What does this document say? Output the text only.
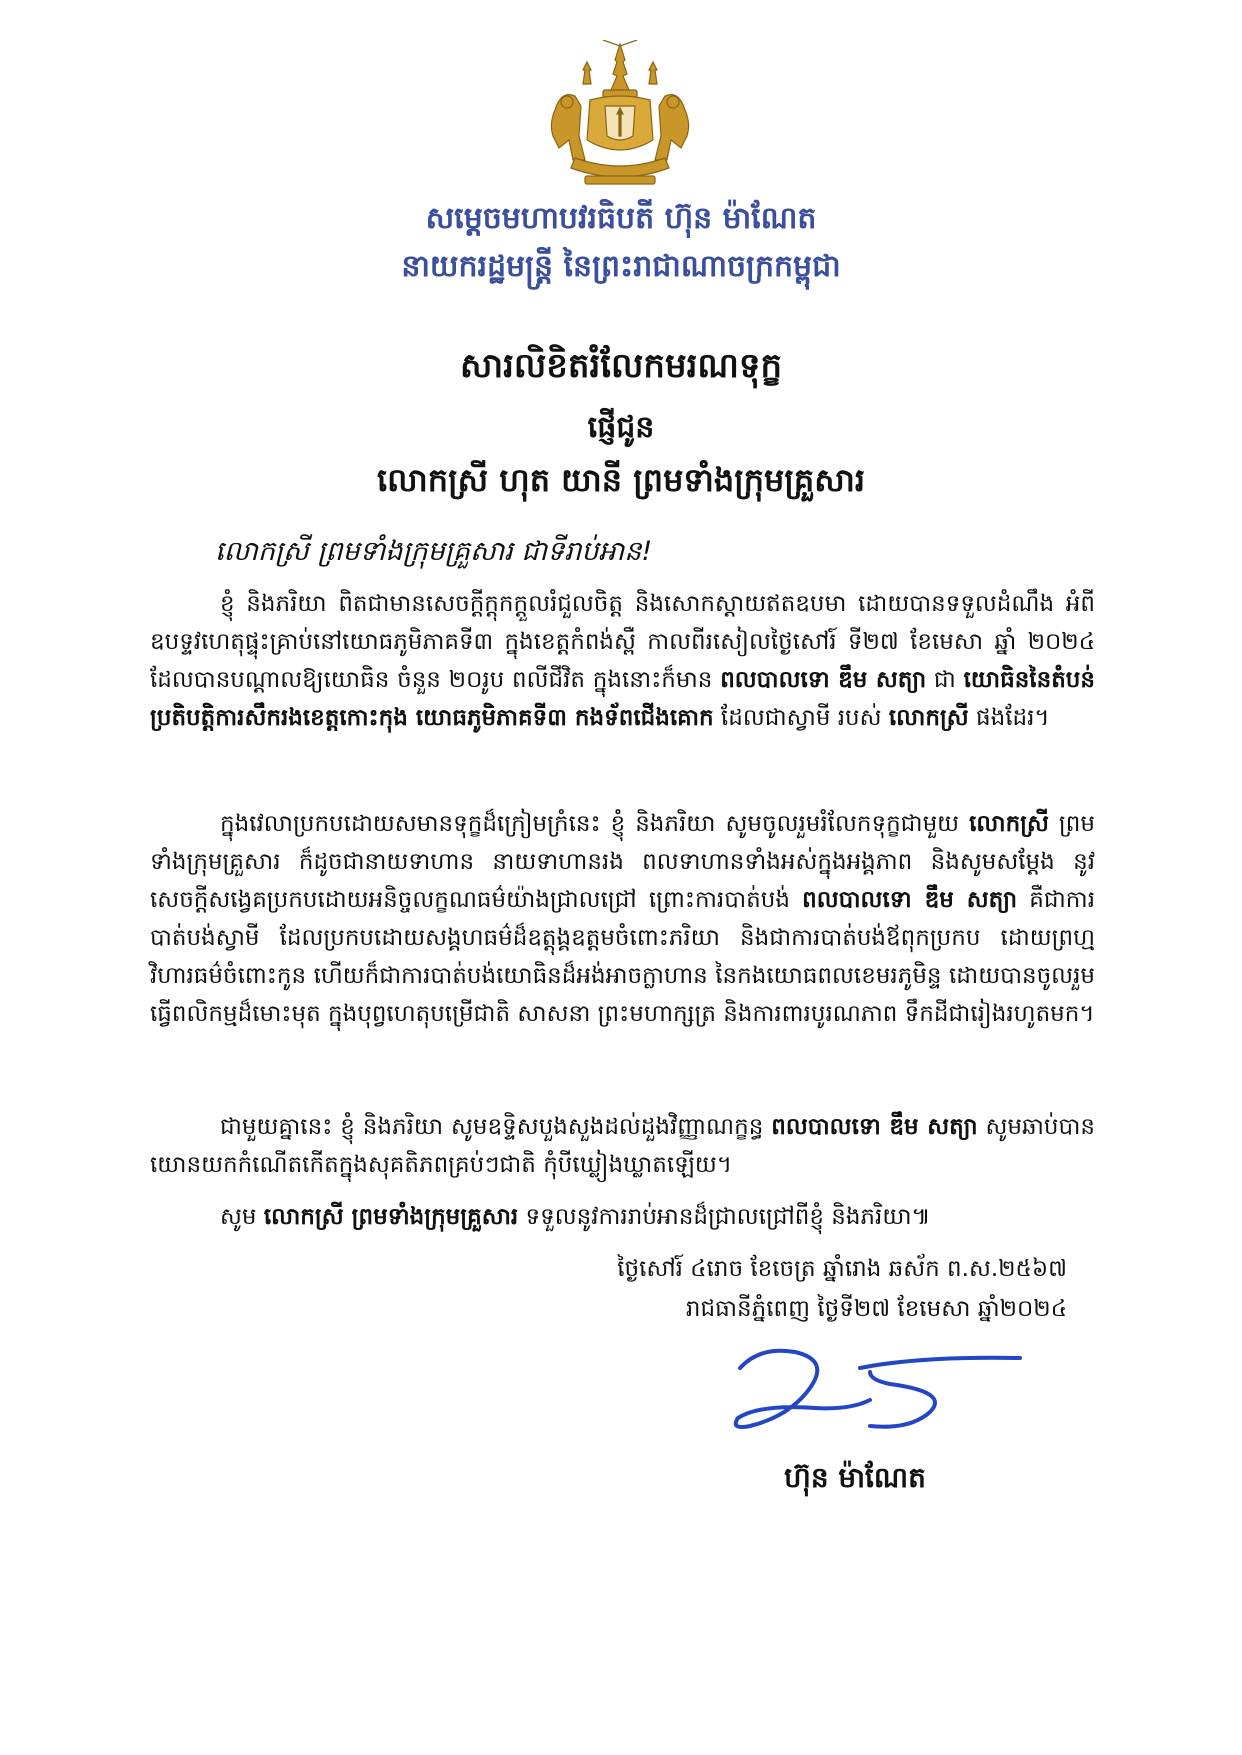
សម្តេចមហាបវរធិបតី ហ៊ុន ម៉ាណែត
នាយករដ្ឋមន្ត្រី នៃព្រះរាជាណាចក្រកម្ពុជា
សារលិខិតរំលែកមរណទុក្ខ
ផ្ញើជូន
លោកស្រី ហុត យានី ព្រមទាំងក្រុមគ្រួសារ
លោកស្រី ព្រមទាំងក្រុមគ្រួសារ ជាទីរាប់អាន!

ខ្ញុំ និងភរិយា ពិតជាមានសេចក្តីក្តុកក្តួលរំជួលចិត្ត និងសោកស្តាយឥតឧបមា ដោយបានទទួលដំណឹង អំពីឧបទ្ទវហេតុផ្ទុះគ្រាប់នៅយោធភូមិភាគទី៣ ក្នុងខេត្តកំពង់ស្ពឺ កាលពីរសៀលថ្ងៃសៅរ៍ ទី២៧ ខែមេសា ឆ្នាំ ២០២៤ ដែលបានបណ្តាលឱ្យយោធិន ចំនួន ២០រូប ពលីជីវិត ក្នុងនោះក៏មាន ពលបាលទោ ឌឹម សត្យា ជា យោធិននៃតំបន់ប្រតិបត្តិការសឹករងខេត្តកោះកុង យោធភូមិភាគទី៣ កងទ័ពជើងគោក ដែលជាស្វាមី របស់ លោកស្រី ផងដែរ។

ក្នុងវេលាប្រកបដោយសមានទុក្ខដ៏ក្រៀមក្រំនេះ ខ្ញុំ និងភរិយា សូមចូលរួមរំលែកទុក្ខជាមួយ លោកស្រី ព្រមទាំងក្រុមគ្រួសារ ក៏ដូចជានាយទាហាន នាយទាហានរង ពលទាហានទាំងអស់ក្នុងអង្គភាព និងសូមសម្តែង នូវសេចក្តីសង្វេគប្រកបដោយអនិច្ចលក្ខណធម៌យ៉ាងជ្រាលជ្រៅ ព្រោះការបាត់បង់ ពលបាលទោ ឌឹម សត្យា គឺជាការបាត់បង់ស្វាមី ដែលប្រកបដោយសង្គហធម៌ដ៏ឧត្តុង្គឧត្តមចំពោះភរិយា និងជាការបាត់បង់ឪពុកប្រកប ដោយព្រហ្មវិហារធម៌ចំពោះកូន ហើយក៏ជាការបាត់បង់យោធិនដ៏អង់អាចក្លាហាន នៃកងយោធពលខេមរភូមិន្ទ ដោយបានចូលរួមធ្វើពលិកម្មដ៏មោះមុត ក្នុងបុព្វហេតុបម្រើជាតិ សាសនា ព្រះមហាក្សត្រ និងការពារបូរណភាព ទឹកដីជារៀងរហូតមក។

ជាមួយគ្នានេះ ខ្ញុំ និងភរិយា សូមឧទ្ទិសបួងសួងដល់ដួងវិញ្ញាណក្ខន្ធ ពលបាលទោ ឌឹម សត្យា សូមឆាប់បានយោនយកកំណើតកើតក្នុងសុគតិភពគ្រប់ៗជាតិ កុំបីឃ្លៀងឃ្លាតឡើយ។

សូម លោកស្រី ព្រមទាំងក្រុមគ្រួសារ ទទួលនូវការរាប់អានដ៏ជ្រាលជ្រៅពីខ្ញុំ និងភរិយា៕

ថ្ងៃសៅរ៍ ៤រោច ខែចេត្រ ឆ្នាំរោង ឆស័ក ព.ស.២៥៦៧
រាជធានីភ្នំពេញ ថ្ងៃទី២៧ ខែមេសា ឆ្នាំ២០២៤
ហ៊ុន ម៉ាណែត
